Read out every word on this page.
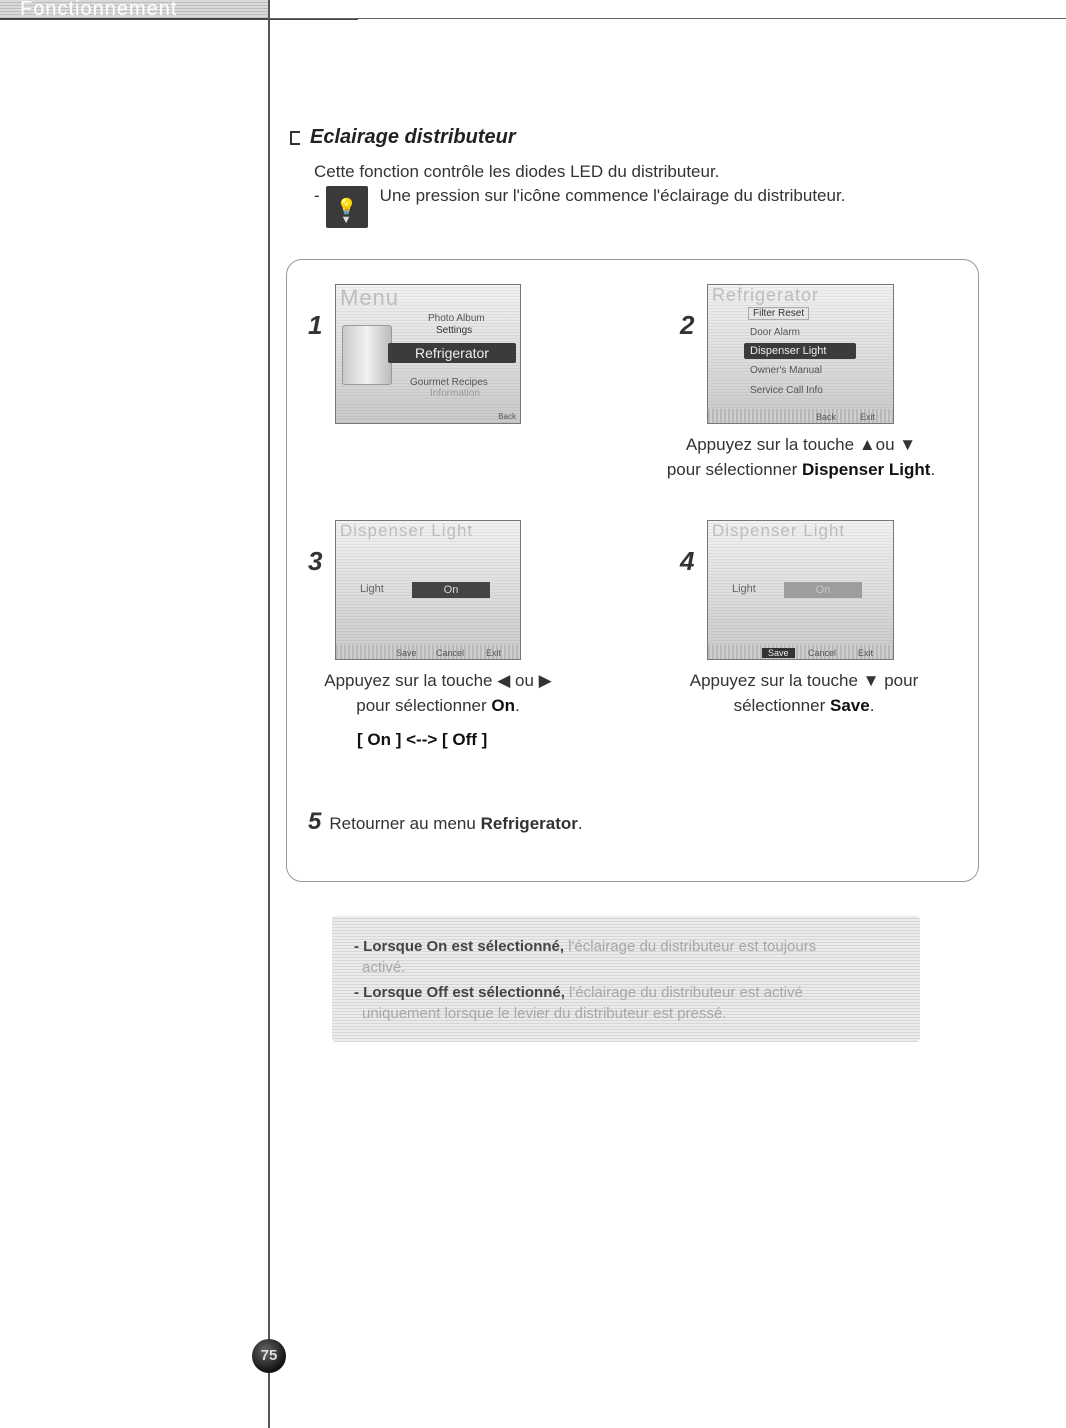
Fonctionnement
Eclairage distributeur
Cette fonction contrôle les diodes LED du distributeur.
-
💡
▼
Une pression sur l'icône commence l'éclairage du distributeur.
1
Menu
Photo Album
Settings
Refrigerator
Gourmet Recipes
Information
Back
2
Refrigerator
Filter Reset
Door Alarm
Dispenser Light
Owner's Manual
Service Call Info
Back	Exit
Appuyez sur la touche ▲ou ▼
pour sélectionner Dispenser Light.
3
Dispenser Light
Light	On
Save Cancel Exit
Appuyez sur la touche ◀ ou ▶
pour sélectionner On.
[ On ] <--> [ Off ]
4
Dispenser Light
Light	On
Save	Cancel Exit
Appuyez sur la touche ▼ pour
sélectionner Save.
5 Retourner au menu Refrigerator.

- Lorsque On est sélectionné, l'éclairage du distributeur est toujours

activé.

- Lorsque Off est sélectionné, l'éclairage du distributeur est activé

uniquement lorsque le levier du distributeur est pressé.

75
